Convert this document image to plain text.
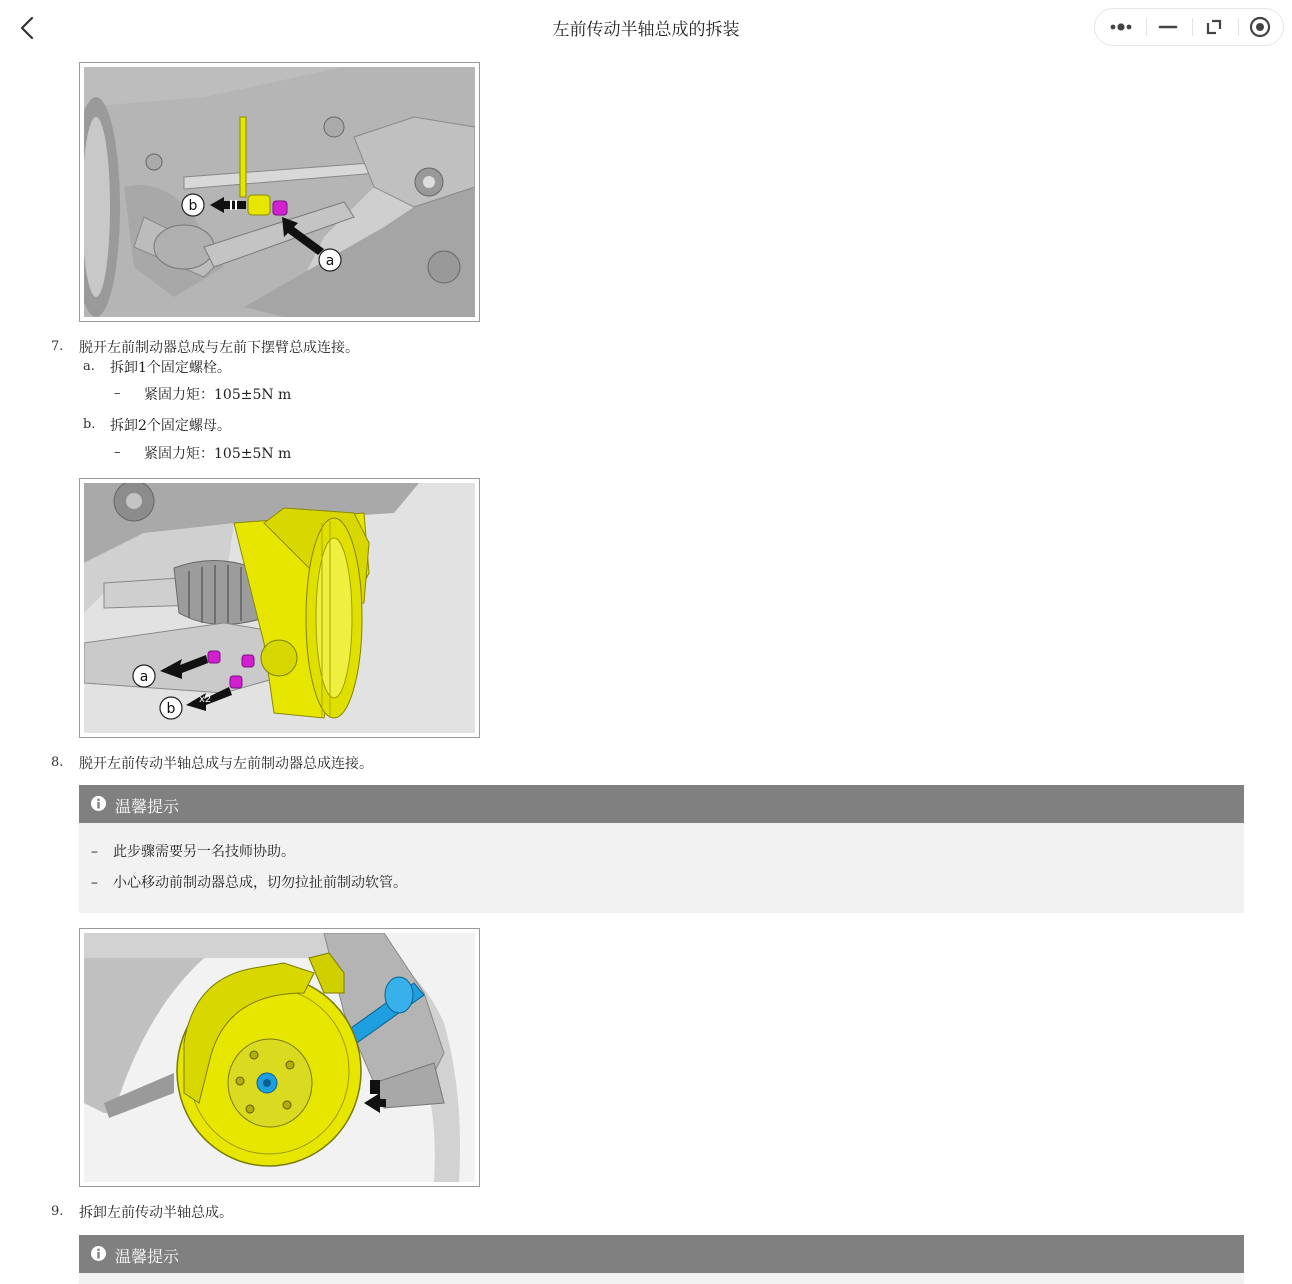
左前传动半轴总成的拆装
b
a
7. 脱开左前制动器总成与左前下摆臂总成连接。
a. 拆卸1个固定螺栓。
– 紧固力矩：105±5N m
b. 拆卸2个固定螺母。
– 紧固力矩：105±5N m
x2
a
b
8. 脱开左前传动半轴总成与左前制动器总成连接。
温馨提示
– 此步骤需要另一名技师协助。
– 小心移动前制动器总成，切勿拉扯前制动软管。
9. 拆卸左前传动半轴总成。
温馨提示
